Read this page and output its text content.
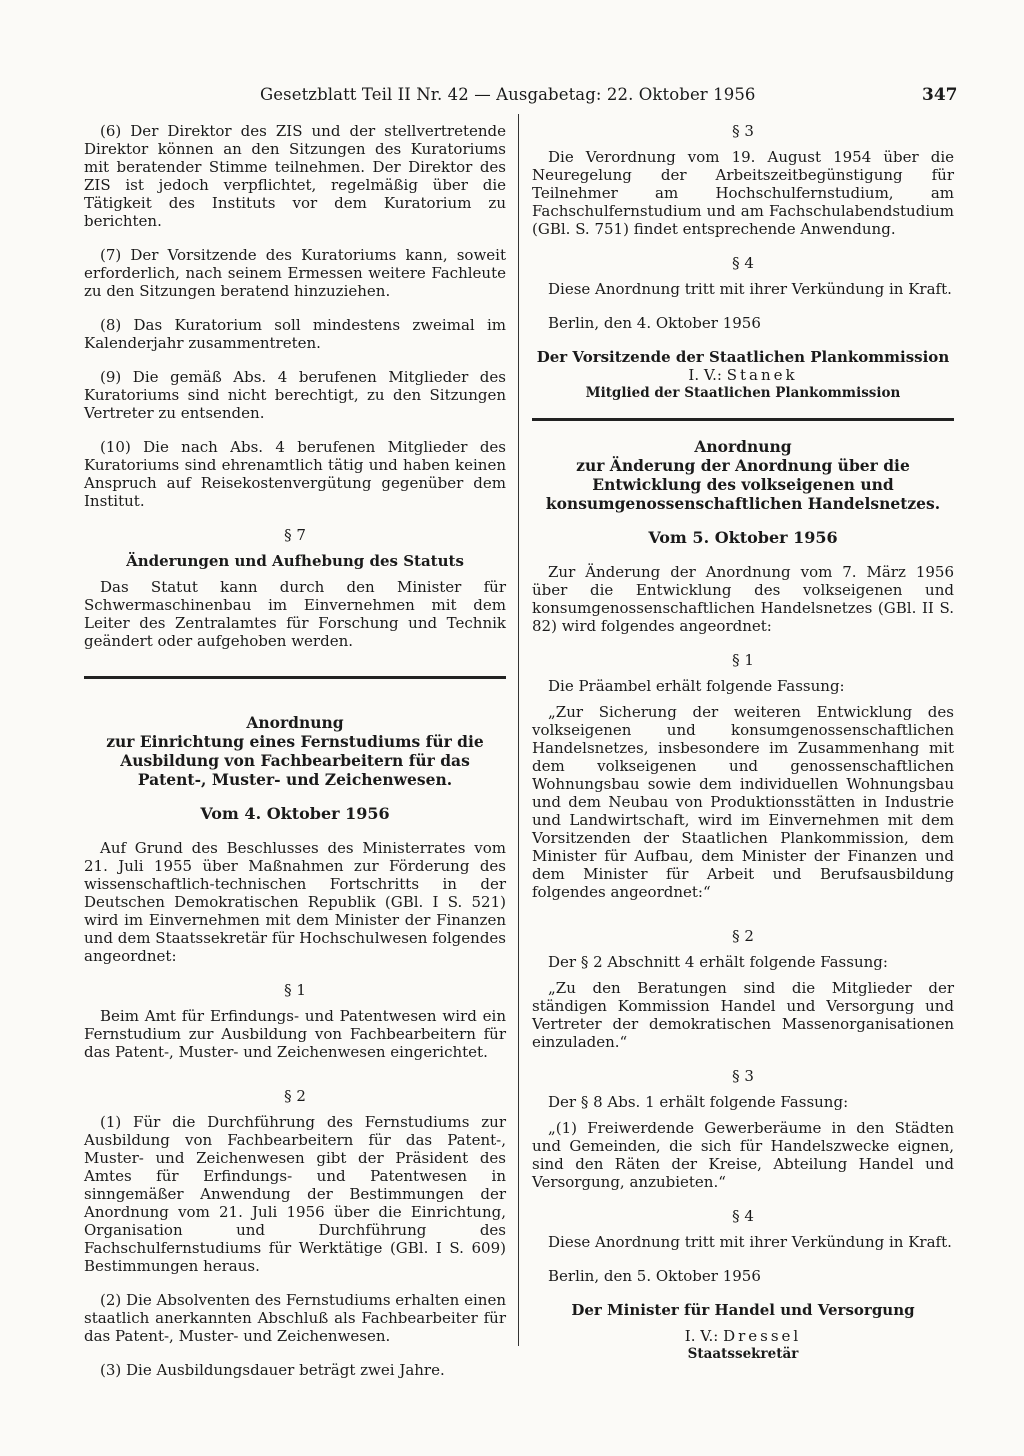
Gesetzblatt Teil II Nr. 42 — Ausgabetag: 22. Oktober 1956	347

(6) Der Direktor des ZIS und der stellvertretende Direktor können an den Sitzungen des Kuratoriums mit beratender Stimme teilnehmen. Der Direktor des ZIS ist jedoch verpflichtet, regelmäßig über die Tätigkeit des Instituts vor dem Kuratorium zu berichten.

(7) Der Vorsitzende des Kuratoriums kann, soweit erforderlich, nach seinem Ermessen weitere Fachleute zu den Sitzungen beratend hinzuziehen.

(8) Das Kuratorium soll mindestens zweimal im Kalenderjahr zusammentreten.

(9) Die gemäß Abs. 4 berufenen Mitglieder des Kuratoriums sind nicht berechtigt, zu den Sitzungen Vertreter zu entsenden.

(10) Die nach Abs. 4 berufenen Mitglieder des Kuratoriums sind ehrenamtlich tätig und haben keinen Anspruch auf Reisekostenvergütung gegenüber dem Institut.

§ 7

Änderungen und Aufhebung des Statuts

Das Statut kann durch den Minister für Schwermaschinenbau im Einvernehmen mit dem Leiter des Zentralamtes für Forschung und Technik geändert oder aufgehoben werden.

Anordnung
zur Einrichtung eines Fernstudiums für die Ausbildung von Fachbearbeitern für das Patent-, Muster- und Zeichenwesen.
Vom 4. Oktober 1956

Auf Grund des Beschlusses des Ministerrates vom 21. Juli 1955 über Maßnahmen zur Förderung des wissenschaftlich-technischen Fortschritts in der Deutschen Demokratischen Republik (GBl. I S. 521) wird im Einvernehmen mit dem Minister der Finanzen und dem Staatssekretär für Hochschulwesen folgendes angeordnet:

§ 1

Beim Amt für Erfindungs- und Patentwesen wird ein Fernstudium zur Ausbildung von Fachbearbeitern für das Patent-, Muster- und Zeichenwesen eingerichtet.

§ 2

(1) Für die Durchführung des Fernstudiums zur Ausbildung von Fachbearbeitern für das Patent-, Muster- und Zeichenwesen gibt der Präsident des Amtes für Erfindungs- und Patentwesen in sinngemäßer Anwendung der Bestimmungen der Anordnung vom 21. Juli 1956 über die Einrichtung, Organisation und Durchführung des Fachschulfernstudiums für Werktätige (GBl. I S. 609) Bestimmungen heraus.

(2) Die Absolventen des Fernstudiums erhalten einen staatlich anerkannten Abschluß als Fachbearbeiter für das Patent-, Muster- und Zeichenwesen.

(3) Die Ausbildungsdauer beträgt zwei Jahre.

§ 3

Die Verordnung vom 19. August 1954 über die Neuregelung der Arbeitszeitbegünstigung für Teilnehmer am Hochschulfernstudium, am Fachschulfernstudium und am Fachschulabendstudium (GBl. S. 751) findet entsprechende Anwendung.

§ 4

Diese Anordnung tritt mit ihrer Verkündung in Kraft.

Berlin, den 4. Oktober 1956

Der Vorsitzende der Staatlichen Plankommission

I. V.: Stanek

Mitglied der Staatlichen Plankommission
Anordnung
zur Änderung der Anordnung über die Entwicklung des volkseigenen und konsumgenossenschaftlichen Handelsnetzes.
Vom 5. Oktober 1956

Zur Änderung der Anordnung vom 7. März 1956 über die Entwicklung des volkseigenen und konsumgenossenschaftlichen Handelsnetzes (GBl. II S. 82) wird folgendes angeordnet:

§ 1

Die Präambel erhält folgende Fassung:

„Zur Sicherung der weiteren Entwicklung des volkseigenen und konsumgenossenschaftlichen Handelsnetzes, insbesondere im Zusammenhang mit dem volkseigenen und genossenschaftlichen Wohnungsbau sowie dem individuellen Wohnungsbau und dem Neubau von Produktionsstätten in Industrie und Landwirtschaft, wird im Einvernehmen mit dem Vorsitzenden der Staatlichen Plankommission, dem Minister für Aufbau, dem Minister der Finanzen und dem Minister für Arbeit und Berufsausbildung folgendes angeordnet:“

§ 2

Der § 2 Abschnitt 4 erhält folgende Fassung:

„Zu den Beratungen sind die Mitglieder der ständigen Kommission Handel und Versorgung und Vertreter der demokratischen Massenorganisationen einzuladen.“

§ 3

Der § 8 Abs. 1 erhält folgende Fassung:

„(1) Freiwerdende Gewerberäume in den Städten und Gemeinden, die sich für Handelszwecke eignen, sind den Räten der Kreise, Abteilung Handel und Versorgung, anzubieten.“

§ 4

Diese Anordnung tritt mit ihrer Verkündung in Kraft.

Berlin, den 5. Oktober 1956

Der Minister für Handel und Versorgung

I. V.: Dressel

Staatssekretär
